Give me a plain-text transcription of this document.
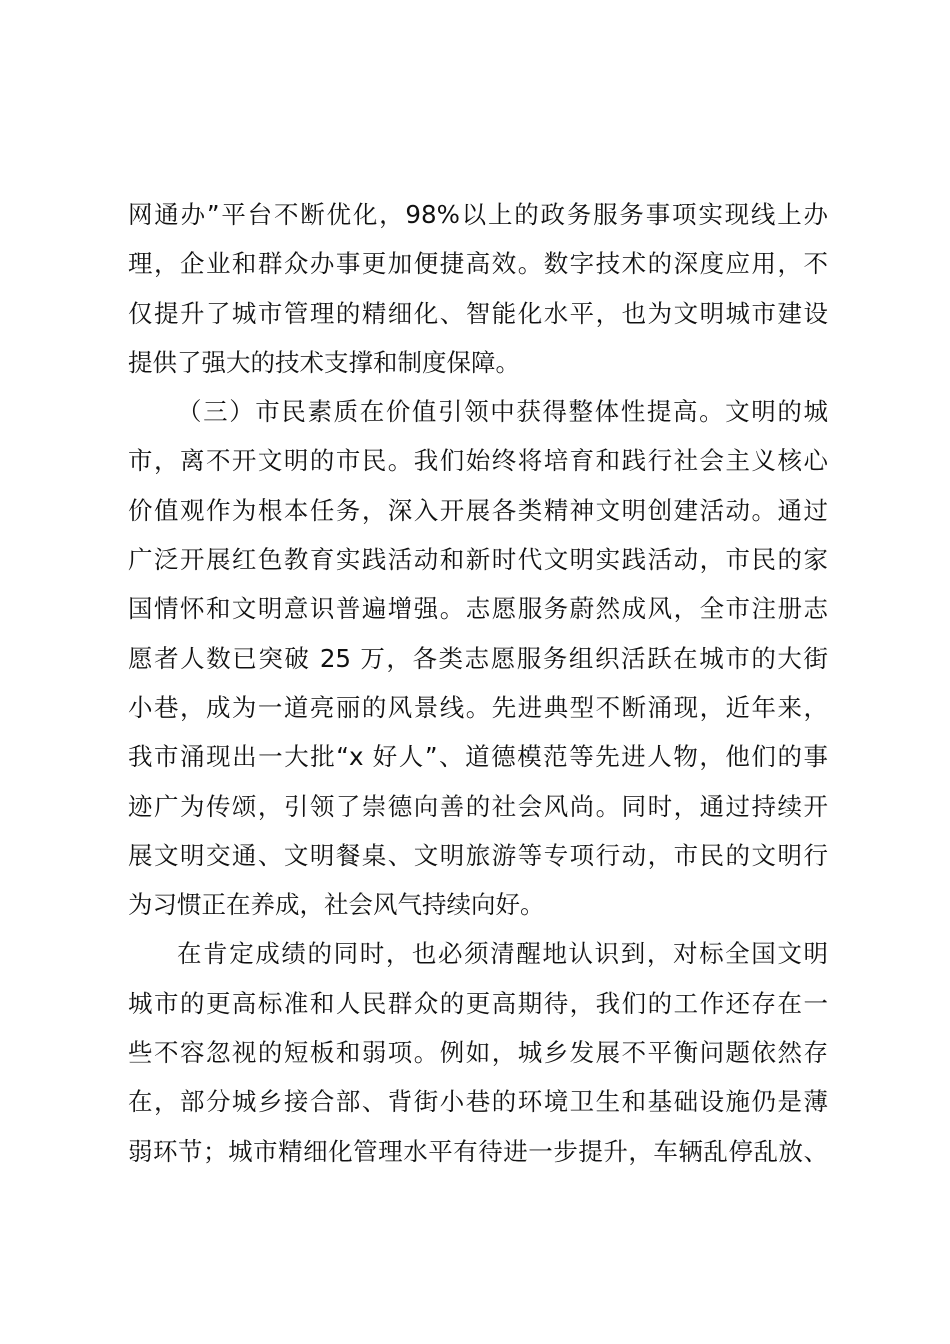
网通办”平台不断优化，98%以上的政务服务事项实现线上办
理，企业和群众办事更加便捷高效。数字技术的深度应用，不
仅提升了城市管理的精细化、智能化水平，也为文明城市建设
提供了强大的技术支撑和制度保障。
（三）市民素质在价值引领中获得整体性提高。文明的城
市，离不开文明的市民。我们始终将培育和践行社会主义核心
价值观作为根本任务，深入开展各类精神文明创建活动。通过
广泛开展红色教育实践活动和新时代文明实践活动，市民的家
国情怀和文明意识普遍增强。志愿服务蔚然成风，全市注册志
愿者人数已突破 25 万，各类志愿服务组织活跃在城市的大街
小巷，成为一道亮丽的风景线。先进典型不断涌现，近年来，
我市涌现出一大批“x 好人”、道德模范等先进人物，他们的事
迹广为传颂，引领了崇德向善的社会风尚。同时，通过持续开
展文明交通、文明餐桌、文明旅游等专项行动，市民的文明行
为习惯正在养成，社会风气持续向好。
在肯定成绩的同时，也必须清醒地认识到，对标全国文明
城市的更高标准和人民群众的更高期待，我们的工作还存在一
些不容忽视的短板和弱项。例如，城乡发展不平衡问题依然存
在，部分城乡接合部、背街小巷的环境卫生和基础设施仍是薄
弱环节；城市精细化管理水平有待进一步提升，车辆乱停乱放、
